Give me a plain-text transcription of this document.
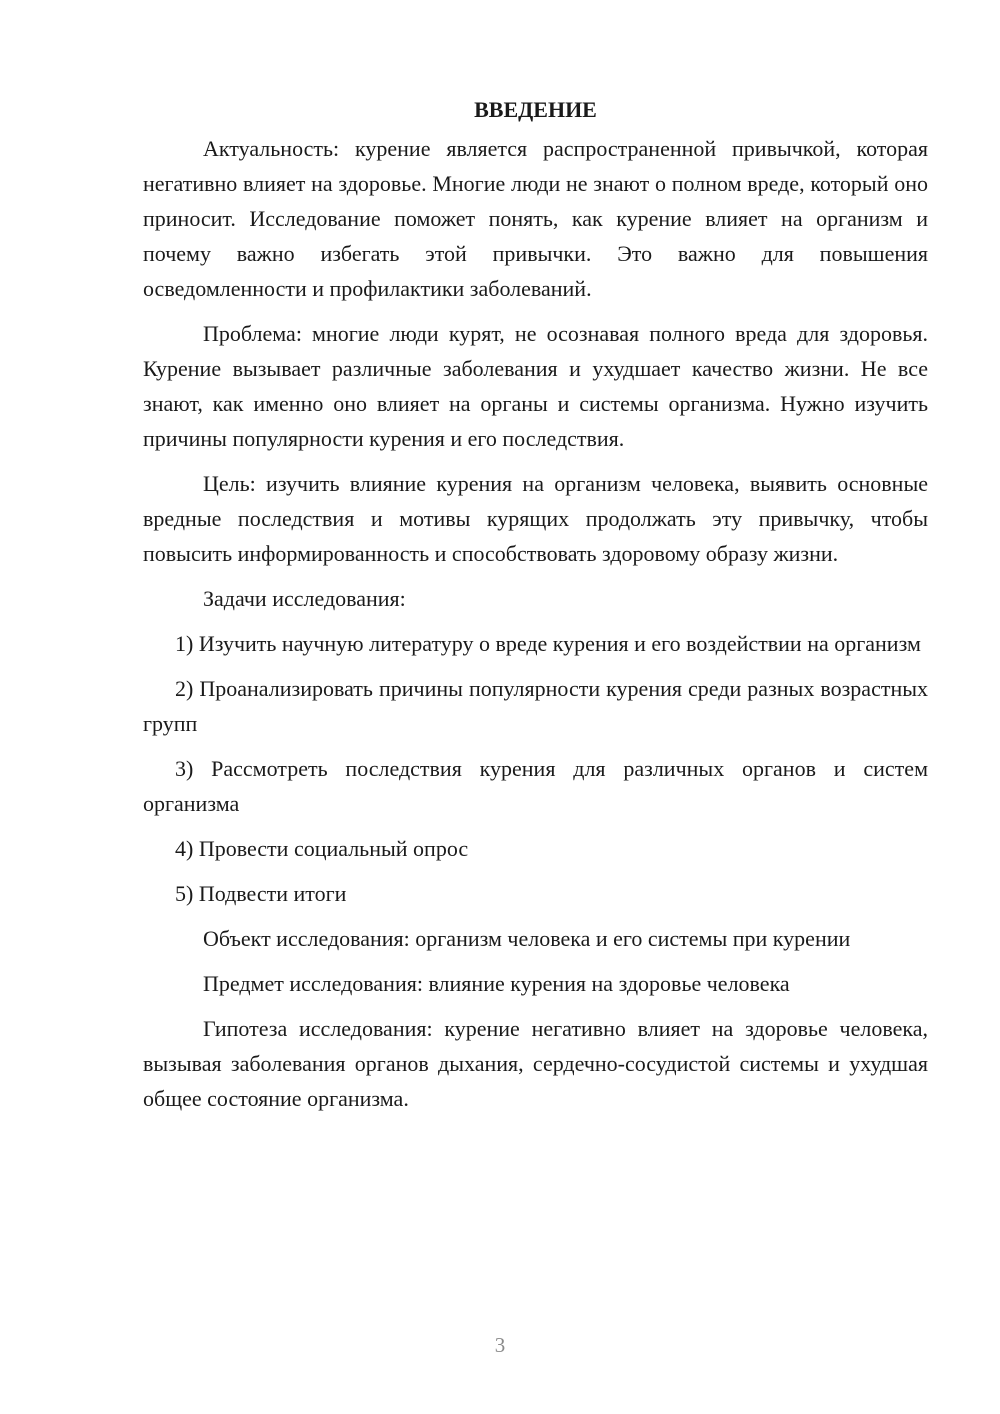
ВВЕДЕНИЕ

Актуальность: курение является распространенной привычкой, которая негативно влияет на здоровье. Многие люди не знают о полном вреде, который оно приносит. Исследование поможет понять, как курение влияет на организм и почему важно избегать этой привычки. Это важно для повышения осведомленности и профилактики заболеваний.

Проблема: многие люди курят, не осознавая полного вреда для здоровья. Курение вызывает различные заболевания и ухудшает качество жизни. Не все знают, как именно оно влияет на органы и системы организма. Нужно изучить причины популярности курения и его последствия.

Цель: изучить влияние курения на организм человека, выявить основные вредные последствия и мотивы курящих продолжать эту привычку, чтобы повысить информированность и способствовать здоровому образу жизни.

Задачи исследования:

1) Изучить научную литературу о вреде курения и его воздействии на организм

2) Проанализировать причины популярности курения среди разных возрастных групп

3) Рассмотреть последствия курения для различных органов и систем организма

4) Провести социальный опрос

5) Подвести итоги

Объект исследования: организм человека и его системы при курении

Предмет исследования: влияние курения на здоровье человека

Гипотеза исследования: курение негативно влияет на здоровье человека, вызывая заболевания органов дыхания, сердечно-сосудистой системы и ухудшая общее состояние организма.

3
